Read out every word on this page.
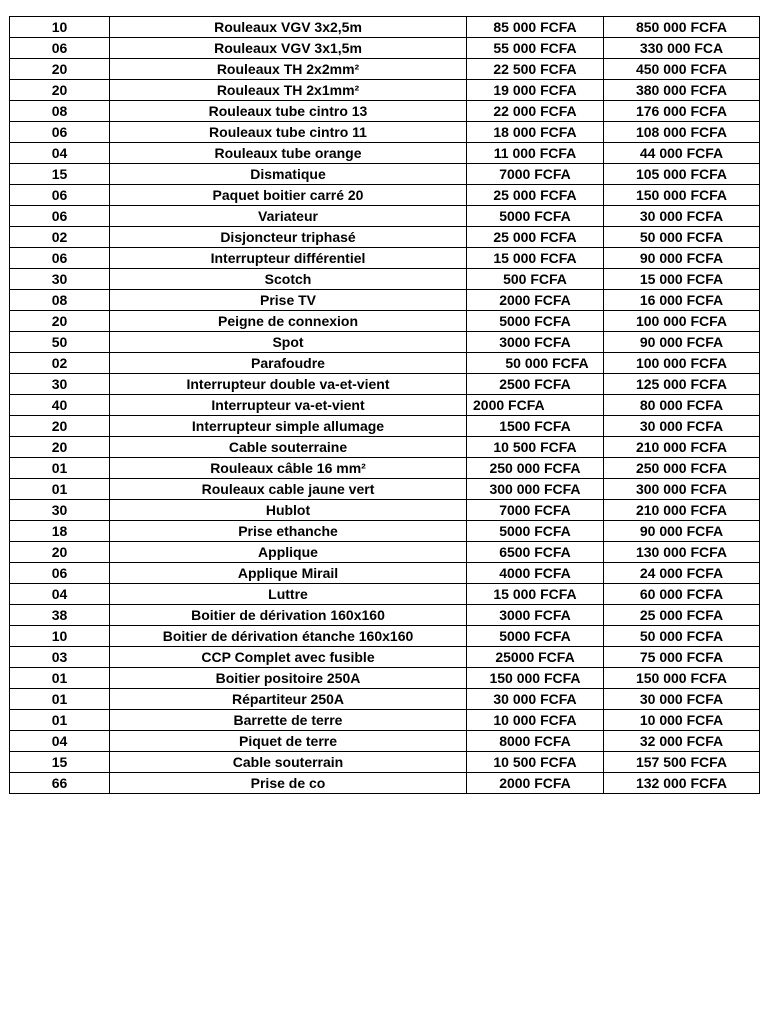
10	Rouleaux VGV 3x2,5m	85 000 FCFA	850 000 FCFA
06	Rouleaux VGV 3x1,5m	55 000 FCFA	330 000 FCA
20	Rouleaux TH 2x2mm²	22 500 FCFA	450 000 FCFA
20	Rouleaux TH 2x1mm²	19 000 FCFA	380 000 FCFA
08	Rouleaux tube cintro 13	22 000 FCFA	176 000 FCFA
06	Rouleaux tube cintro 11	18 000 FCFA	108 000 FCFA
04	Rouleaux tube orange	11 000 FCFA	44 000 FCFA
15	Dismatique	7000 FCFA	105 000 FCFA
06	Paquet boitier carré 20	25 000 FCFA	150 000 FCFA
06	Variateur	5000 FCFA	30 000 FCFA
02	Disjoncteur triphasé	25 000 FCFA	50 000 FCFA
06	Interrupteur différentiel	15 000 FCFA	90 000 FCFA
30	Scotch	500 FCFA	15 000 FCFA
08	Prise TV	2000 FCFA	16 000 FCFA
20	Peigne de connexion	5000 FCFA	100 000 FCFA
50	Spot	3000 FCFA	90 000 FCFA
02	Parafoudre	50 000 FCFA	100 000 FCFA
30	Interrupteur double va-et-vient	2500 FCFA	125 000 FCFA
40	Interrupteur va-et-vient	2000 FCFA	80 000 FCFA
20	Interrupteur simple allumage	1500 FCFA	30 000 FCFA
20	Cable souterraine	10 500 FCFA	210 000 FCFA
01	Rouleaux câble 16 mm²	250 000 FCFA	250 000 FCFA
01	Rouleaux cable jaune vert	300 000 FCFA	300 000 FCFA
30	Hublot	7000 FCFA	210 000 FCFA
18	Prise ethanche	5000 FCFA	90 000 FCFA
20	Applique	6500 FCFA	130 000 FCFA
06	Applique Mirail	4000 FCFA	24 000 FCFA
04	Luttre	15 000 FCFA	60 000 FCFA
38	Boitier de dérivation 160x160	3000 FCFA	25 000 FCFA
10	Boitier de dérivation étanche 160x160	5000 FCFA	50 000 FCFA
03	CCP Complet avec fusible	25000 FCFA	75 000 FCFA
01	Boitier positoire 250A	150 000 FCFA	150 000 FCFA
01	Répartiteur 250A	30 000 FCFA	30 000 FCFA
01	Barrette de terre	10 000 FCFA	10 000 FCFA
04	Piquet de terre	8000 FCFA	32 000 FCFA
15	Cable souterrain	10 500 FCFA	157 500 FCFA
66	Prise de co	2000 FCFA	132 000 FCFA
